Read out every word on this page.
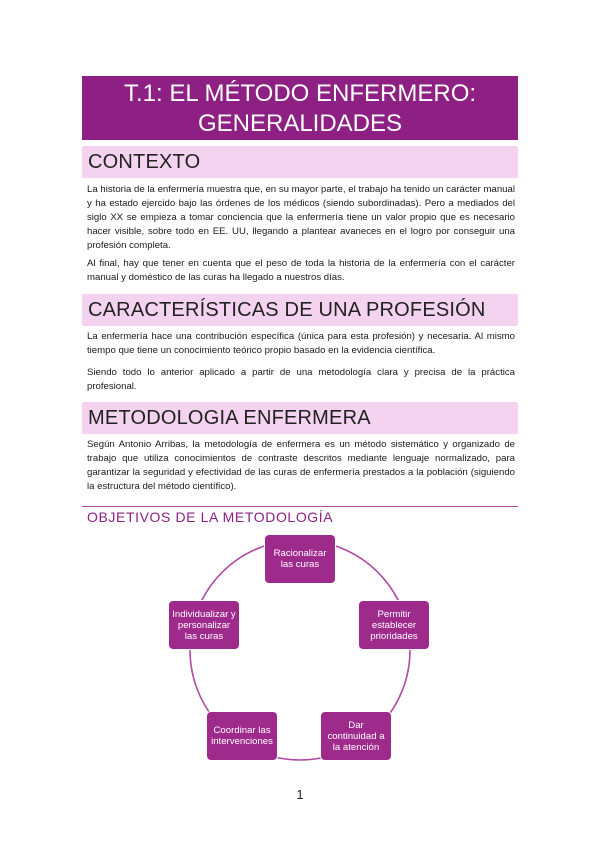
T.1: EL MÉTODO ENFERMERO:
GENERALIDADES
CONTEXTO

La historia de la enfermería muestra que, en su mayor parte, el trabajo ha tenido un carácter manual y ha estado ejercido bajo las órdenes de los médicos (siendo subordinadas). Pero a mediados del siglo XX se empieza a tomar conciencia que la enfermería tiene un valor propio que es necesario hacer visible, sobre todo en EE. UU, llegando a plantear avaneces en el logro por conseguir una profesión completa.

Al final, hay que tener en cuenta que el peso de toda la historia de la enfermería con el carácter manual y doméstico de las curas ha llegado a nuestros días.

CARACTERÍSTICAS DE UNA PROFESIÓN

La enfermería hace una contribución específica (única para esta profesión) y necesaria. Al mismo tiempo que tiene un conocimiento teórico propio basado en la evidencia científica.

Siendo todo lo anterior aplicado a partir de una metodología clara y precisa de la práctica profesional.

METODOLOGIA ENFERMERA

Según Antonio Arribas, la metodología de enfermera es un método sistemático y organizado de trabajo que utiliza conocimientos de contraste descritos mediante lenguaje normalizado, para garantizar la seguridad y efectividad de las curas de enfermería prestados a la población (siguiendo la estructura del método científico).

OBJETIVOS DE LA METODOLOGÍA
Racionalizar las curas
Permitir establecer prioridades
Dar continuidad a la atención
Coordinar las intervenciones
Individualizar y personalizar las curas
1
